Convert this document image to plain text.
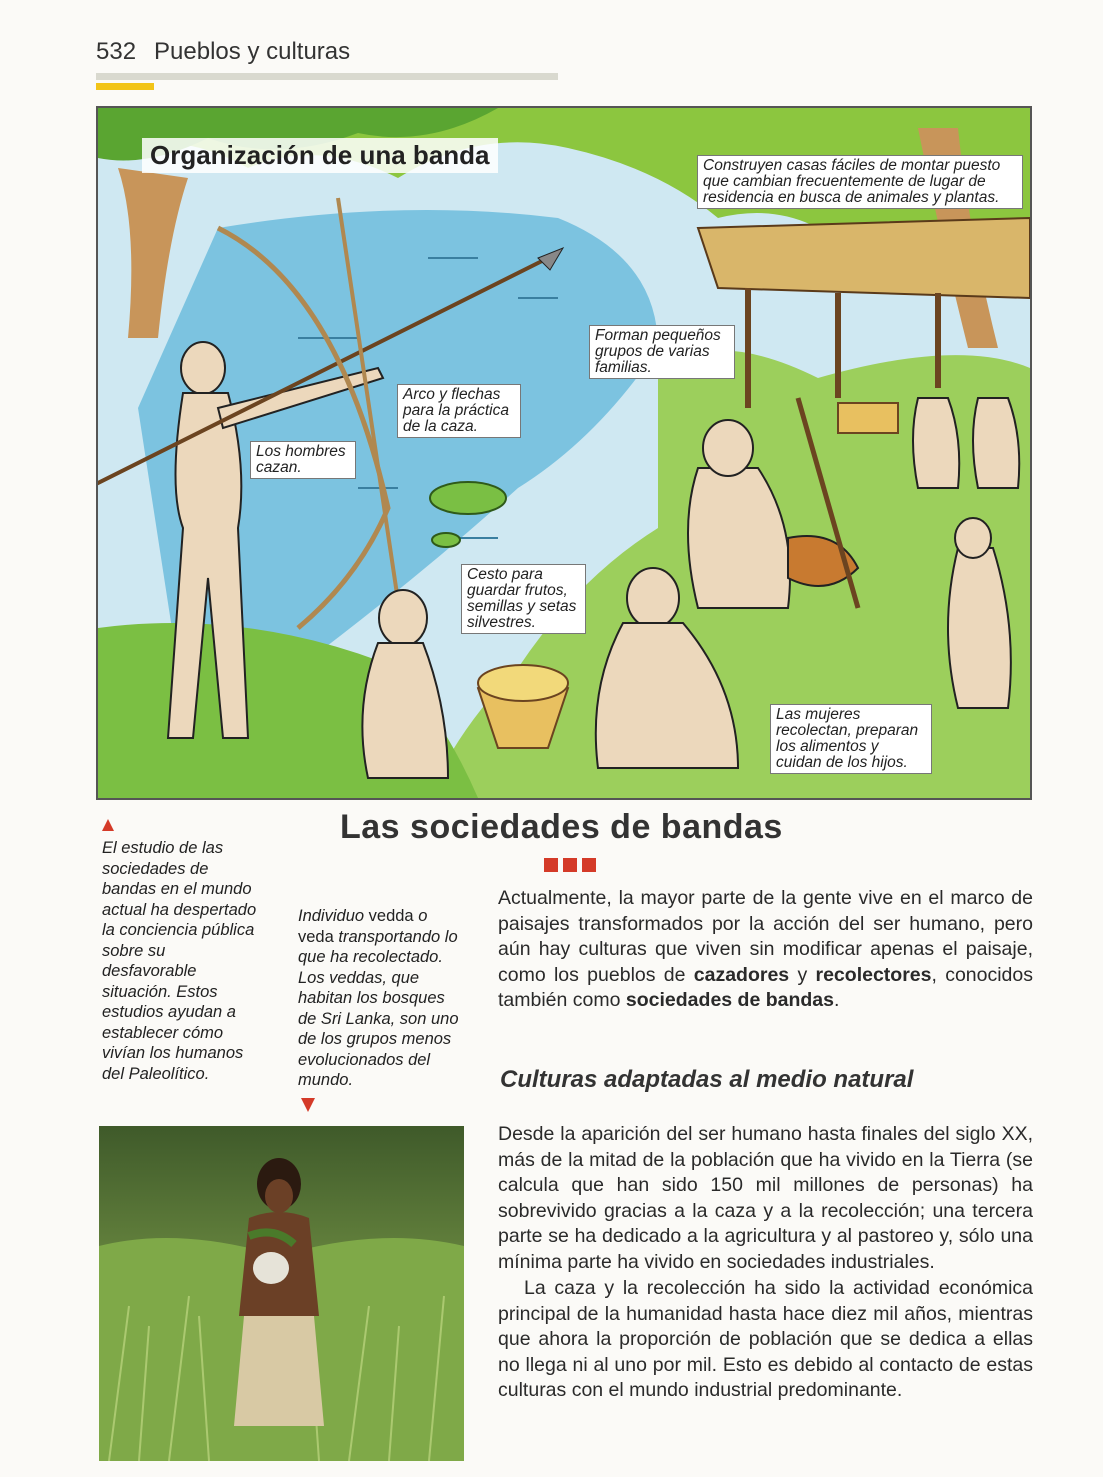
532 Pueblos y culturas
Organización de una banda	Construyen casas fáciles de montar puesto que cambian frecuentemente de lugar de residencia en busca de animales y plantas.
Forman pequeños grupos de varias familias.
Arco y flechas para la práctica de la caza.
Los hombres cazan.
Cesto para guardar frutos, semillas y setas silvestres.
Las mujeres recolectan, preparan los alimentos y cuidan de los hijos.
Las sociedades de bandas
El estudio de las sociedades de bandas en el mundo actual ha despertado la conciencia pública sobre su desfavorable situación. Estos estudios ayudan a establecer cómo vivían los humanos del Paleolítico.
Individuo vedda o veda transportando lo que ha recolectado. Los veddas, que habitan los bosques de Sri Lanka, son uno de los grupos menos evolucionados del mundo.
Actualmente, la mayor parte de la gente vive en el marco de paisajes transformados por la acción del ser humano, pero aún hay culturas que viven sin modificar apenas el paisaje, como los pueblos de cazadores y recolectores, conocidos también como sociedades de bandas.
Culturas adaptadas al medio natural
Desde la aparición del ser humano hasta finales del siglo XX, más de la mitad de la población que ha vivido en la Tierra (se calcula que han sido 150 mil millones de personas) ha sobrevivido gracias a la caza y a la recolección; una tercera parte se ha dedicado a la agricultura y al pastoreo y, sólo una mínima parte ha vivido en sociedades industriales.
La caza y la recolección ha sido la actividad económica principal de la humanidad hasta hace diez mil años, mientras que ahora la proporción de población que se dedica a ellas no llega ni al uno por mil. Esto es debido al contacto de estas culturas con el mundo industrial predominante.
